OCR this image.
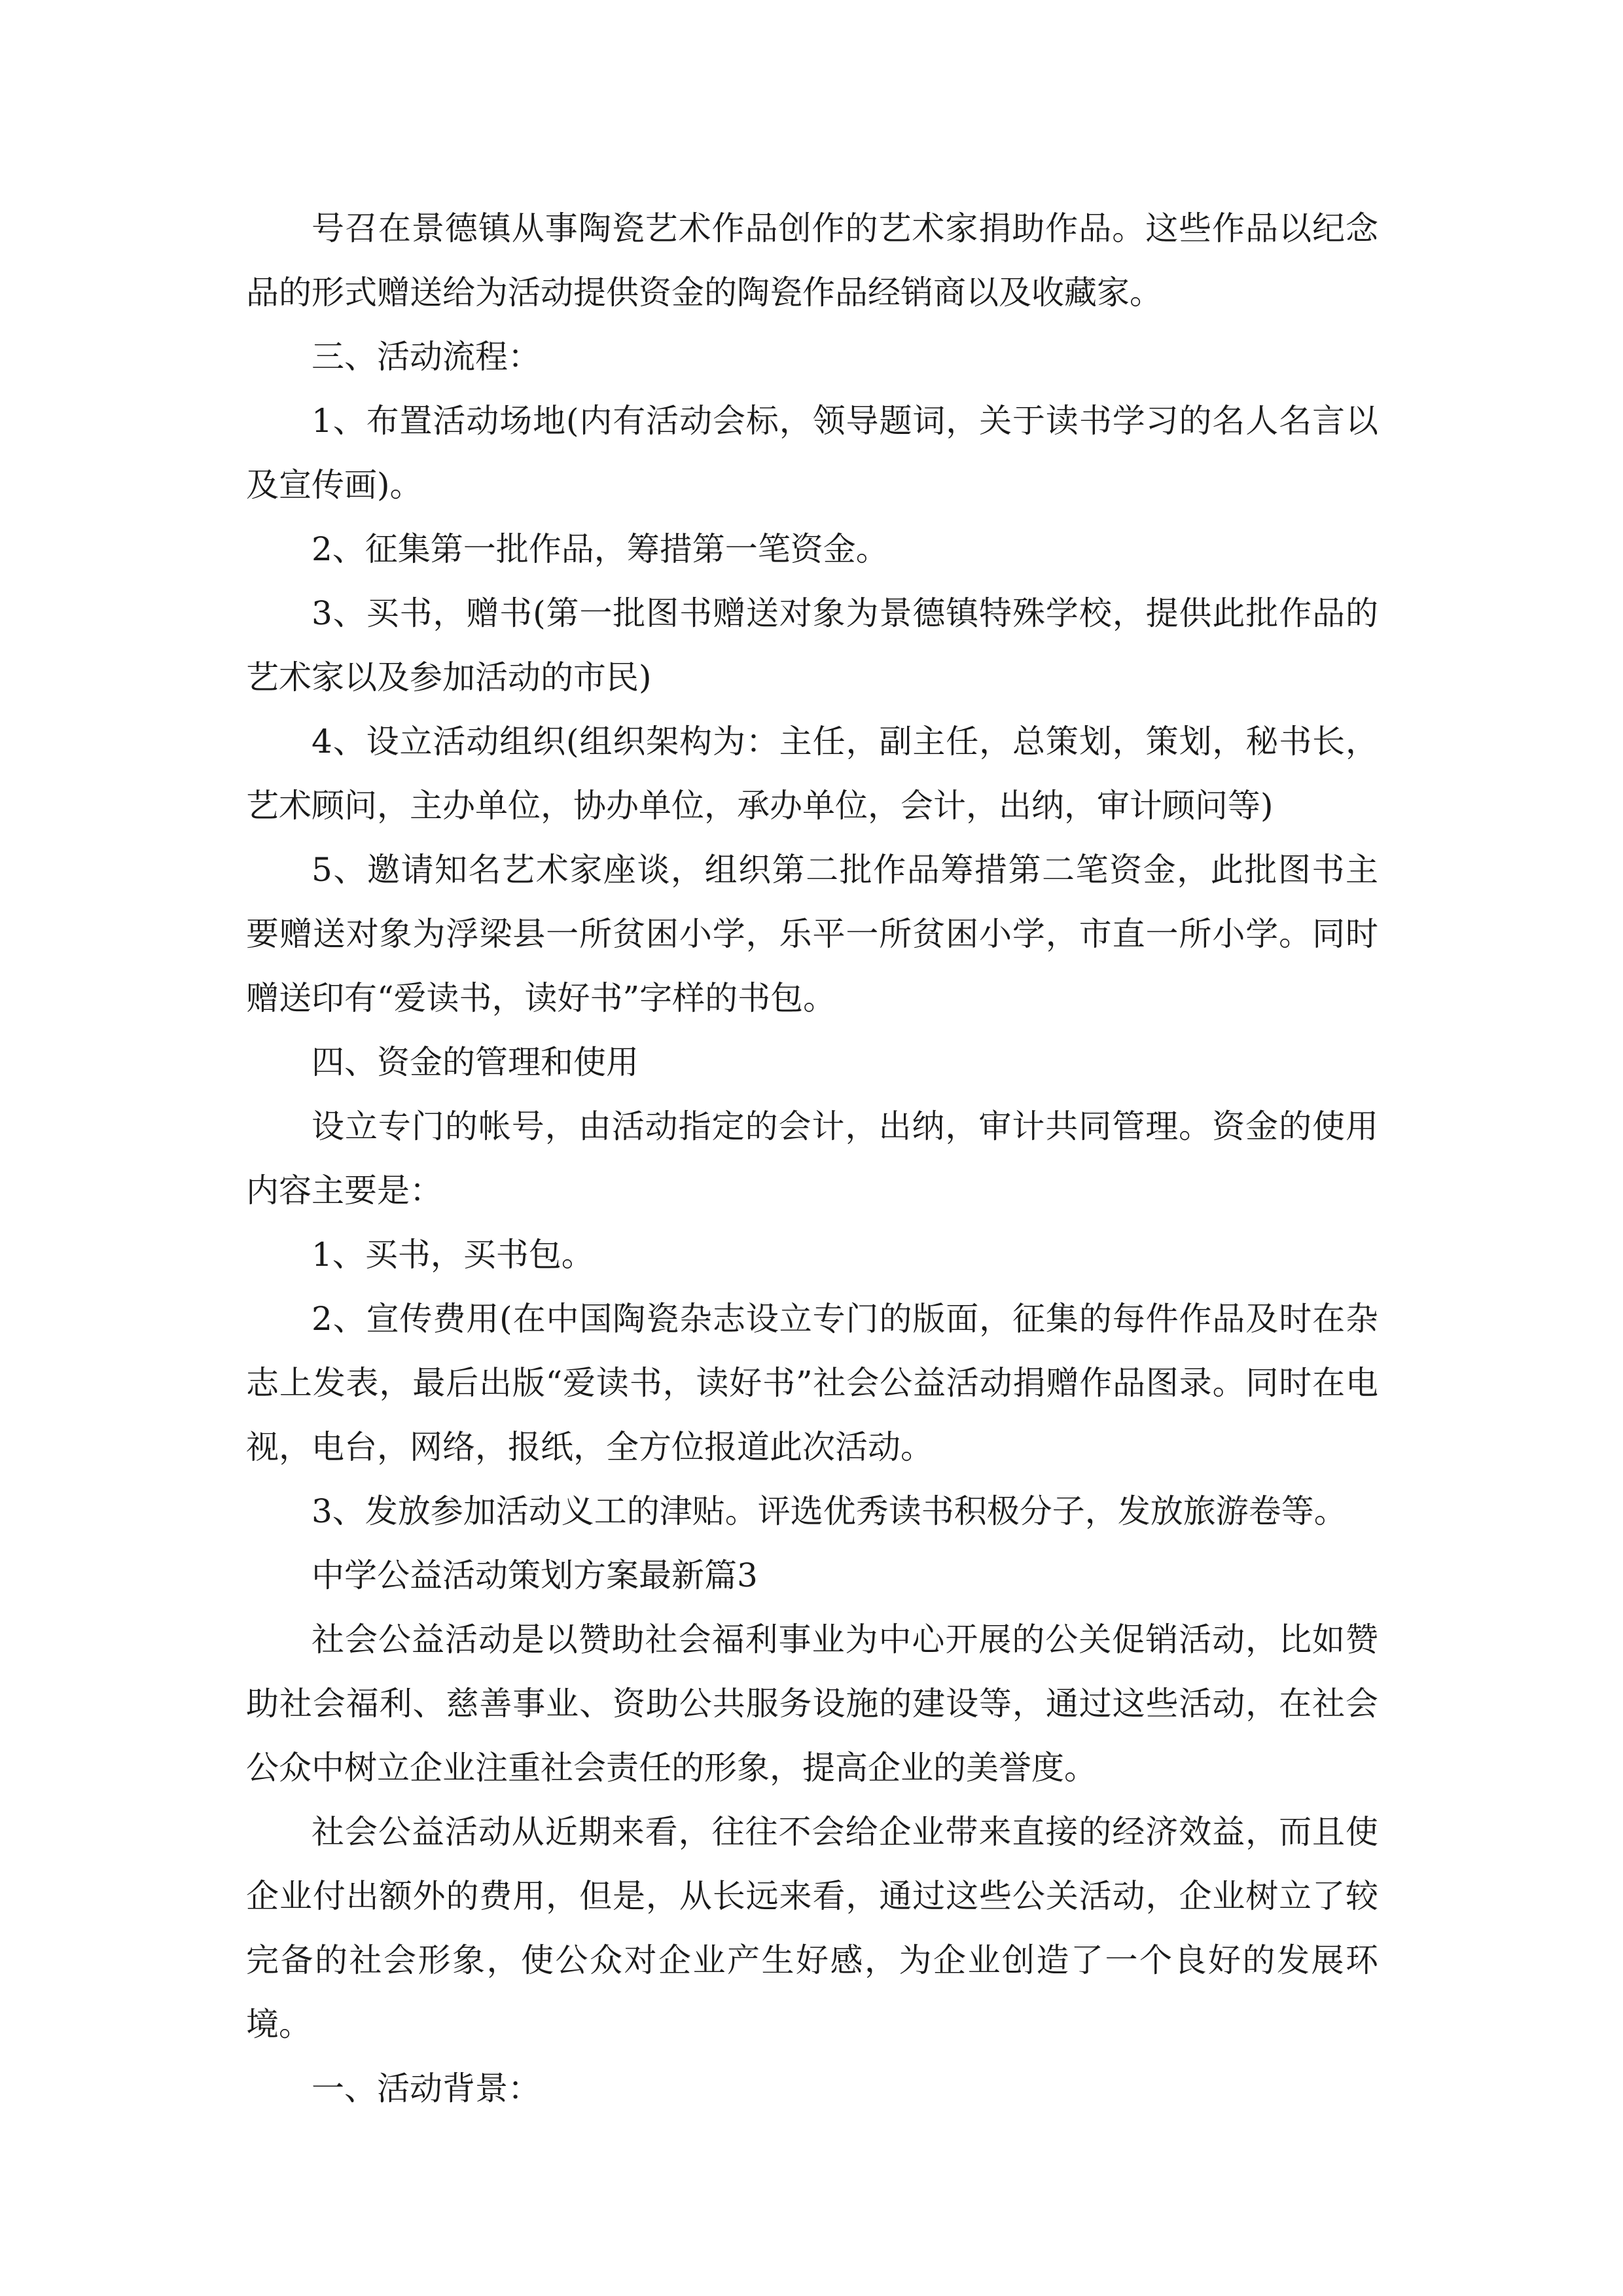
号召在景德镇从事陶瓷艺术作品创作的艺术家捐助作品。这些作品以纪念品的形式赠送给为活动提供资金的陶瓷作品经销商以及收藏家。

三、活动流程：

1、布置活动场地(内有活动会标，领导题词，关于读书学习的名人名言以及宣传画)。

2、征集第一批作品，筹措第一笔资金。

3、买书，赠书(第一批图书赠送对象为景德镇特殊学校，提供此批作品的艺术家以及参加活动的市民)

4、设立活动组织(组织架构为：主任，副主任，总策划，策划，秘书长，艺术顾问，主办单位，协办单位，承办单位，会计，出纳，审计顾问等)

5、邀请知名艺术家座谈，组织第二批作品筹措第二笔资金，此批图书主要赠送对象为浮梁县一所贫困小学，乐平一所贫困小学，市直一所小学。同时赠送印有“爱读书，读好书”字样的书包。

四、资金的管理和使用

设立专门的帐号，由活动指定的会计，出纳，审计共同管理。资金的使用内容主要是：

1、买书，买书包。

2、宣传费用(在中国陶瓷杂志设立专门的版面，征集的每件作品及时在杂志上发表，最后出版“爱读书，读好书”社会公益活动捐赠作品图录。同时在电视，电台，网络，报纸，全方位报道此次活动。

3、发放参加活动义工的津贴。评选优秀读书积极分子，发放旅游卷等。

中学公益活动策划方案最新篇3

社会公益活动是以赞助社会福利事业为中心开展的公关促销活动，比如赞助社会福利、慈善事业、资助公共服务设施的建设等，通过这些活动，在社会公众中树立企业注重社会责任的形象，提高企业的美誉度。

社会公益活动从近期来看，往往不会给企业带来直接的经济效益，而且使企业付出额外的费用，但是，从长远来看，通过这些公关活动，企业树立了较完备的社会形象，使公众对企业产生好感，为企业创造了一个良好的发展环境。

一、活动背景：
